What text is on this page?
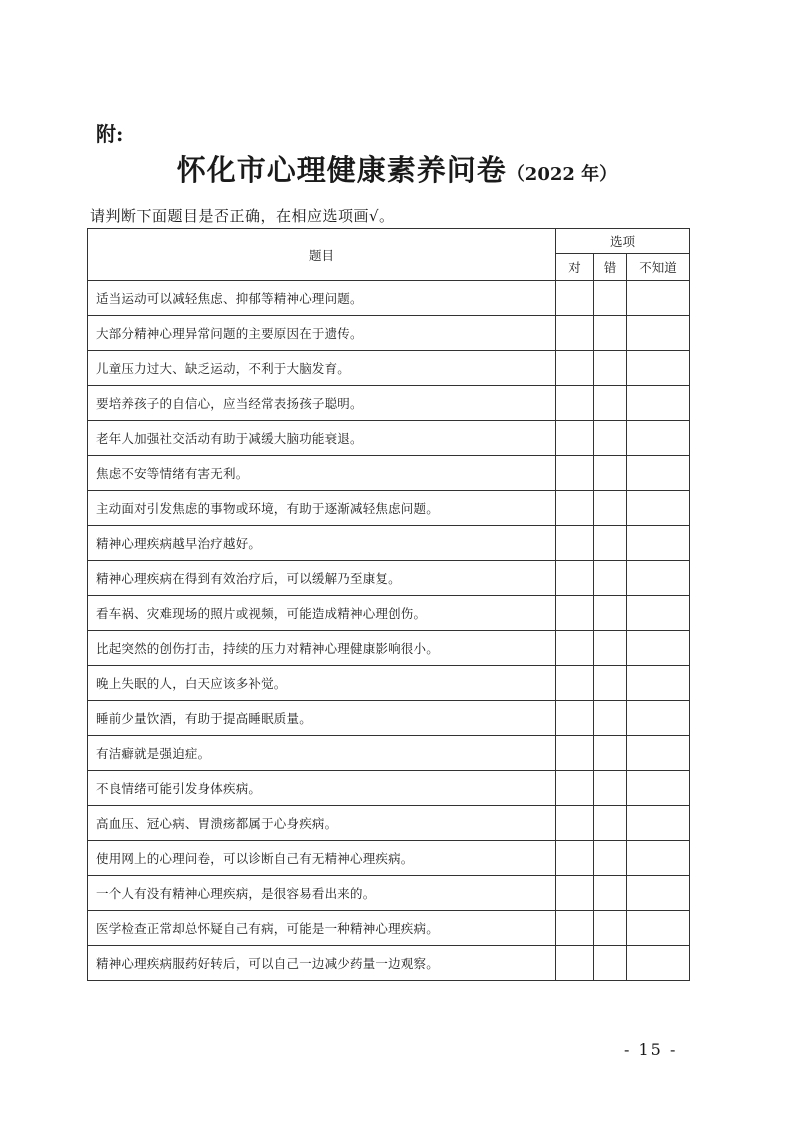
附:
怀化市心理健康素养问卷（2022 年）
请判断下面题目是否正确，在相应选项画√。
题目	选项		
	对	错	不知道
适当运动可以减轻焦虑、抑郁等精神心理问题。			
大部分精神心理异常问题的主要原因在于遗传。			
儿童压力过大、缺乏运动，不利于大脑发育。			
要培养孩子的自信心，应当经常表扬孩子聪明。			
老年人加强社交活动有助于减缓大脑功能衰退。			
焦虑不安等情绪有害无利。			
主动面对引发焦虑的事物或环境，有助于逐渐减轻焦虑问题。			
精神心理疾病越早治疗越好。			
精神心理疾病在得到有效治疗后，可以缓解乃至康复。			
看车祸、灾难现场的照片或视频，可能造成精神心理创伤。			
比起突然的创伤打击，持续的压力对精神心理健康影响很小。			
晚上失眠的人，白天应该多补觉。			
睡前少量饮酒，有助于提高睡眠质量。			
有洁癖就是强迫症。			
不良情绪可能引发身体疾病。			
高血压、冠心病、胃溃疡都属于心身疾病。			
使用网上的心理问卷，可以诊断自己有无精神心理疾病。			
一个人有没有精神心理疾病，是很容易看出来的。			
医学检查正常却总怀疑自己有病，可能是一种精神心理疾病。			
精神心理疾病服药好转后，可以自己一边减少药量一边观察。			
- 15 -
